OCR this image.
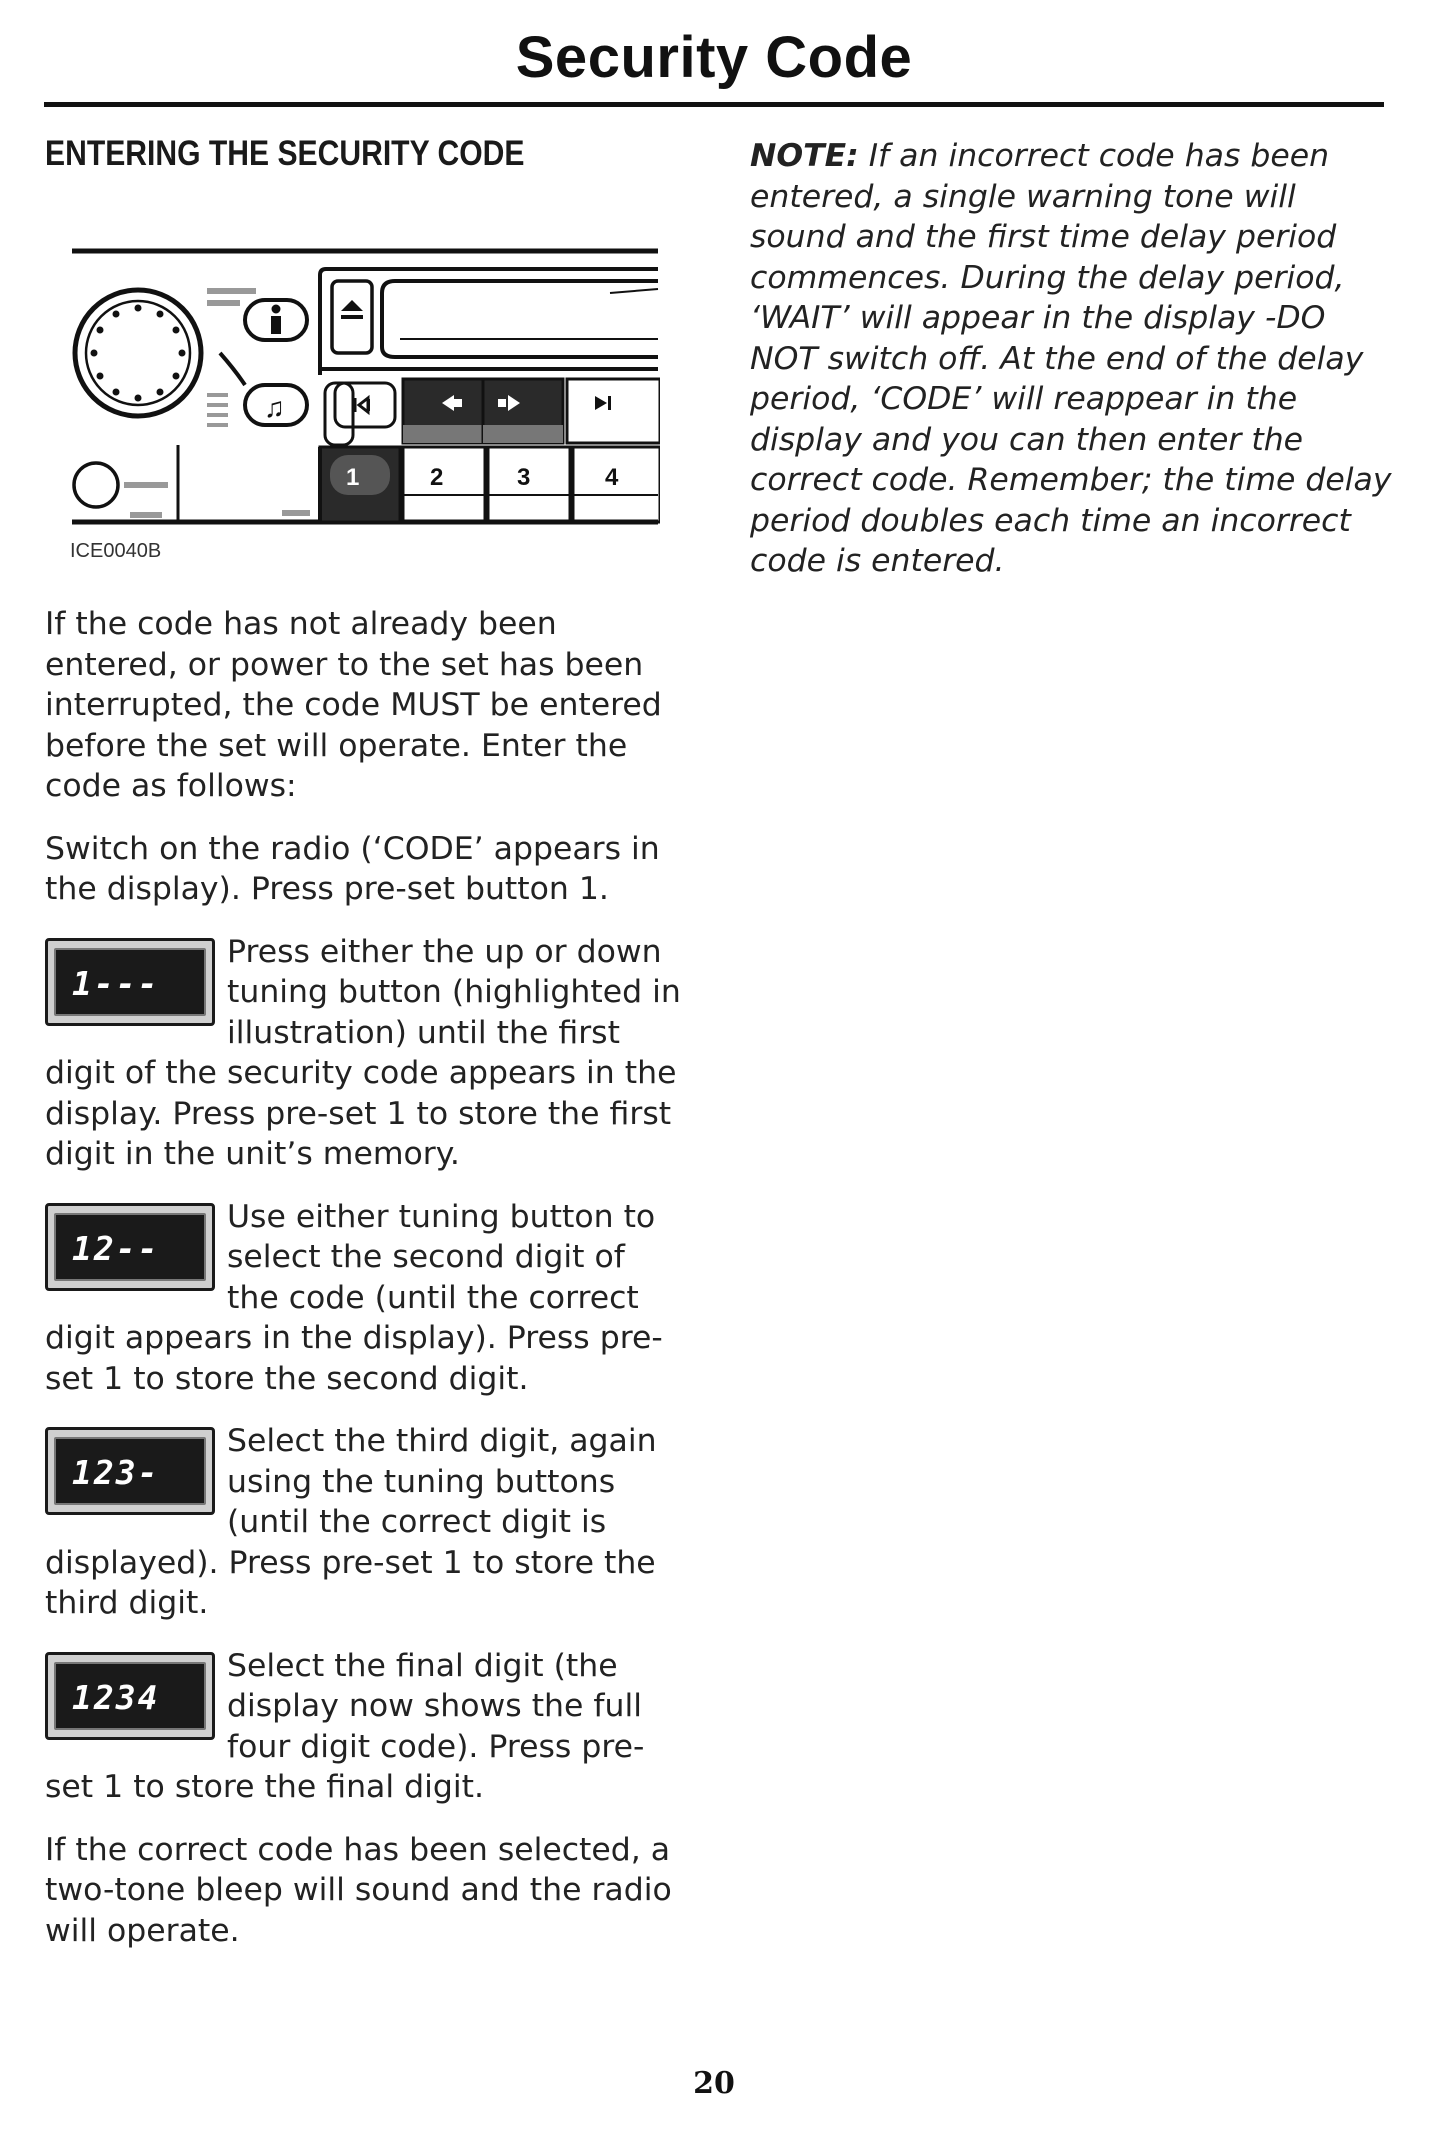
Security Code
ENTERING THE SECURITY CODE
♫
1	2	3	4
ICE0040B

If the code has not already been entered, or power to the set has been interrupted, the code MUST be entered before the set will operate. Enter the code as follows:

Switch on the radio (‘CODE’ appears in the display). Press pre-set button 1.

1---

Press either the up or down tuning button (highlighted in illustration) until the first digit of the security code appears in the display. Press pre-set 1 to store the first digit in the unit’s memory.

12--

Use either tuning button to select the second digit of the code (until the correct digit appears in the display). Press pre-set 1 to store the second digit.

123-

Select the third digit, again using the tuning buttons (until the correct digit is displayed). Press pre-set 1 to store the third digit.

1234

Select the final digit (the display now shows the full four digit code). Press pre-set 1 to store the final digit.

If the correct code has been selected, a two-tone bleep will sound and the radio will operate.

NOTE: If an incorrect code has been entered, a single warning tone will sound and the first time delay period commences. During the delay period, ‘WAIT’ will appear in the display -DO NOT switch off. At the end of the delay period, ‘CODE’ will reappear in the display and you can then enter the correct code. Remember; the time delay period doubles each time an incorrect code is entered.

20
